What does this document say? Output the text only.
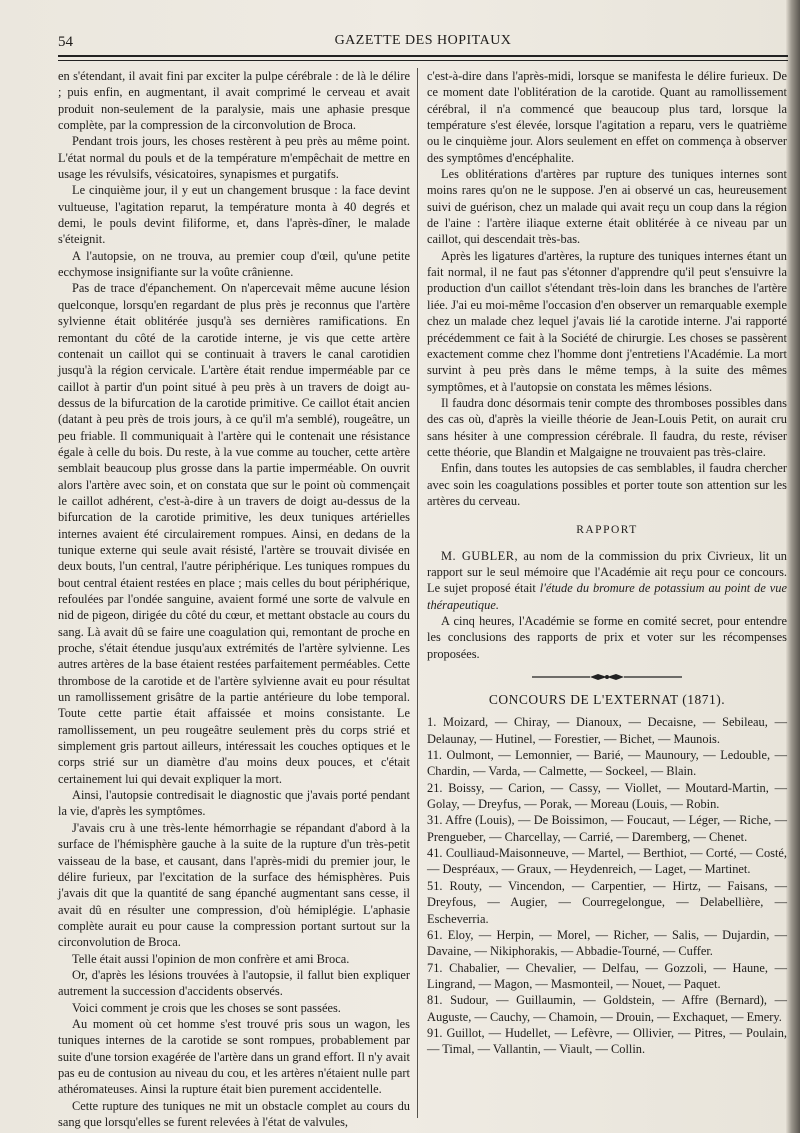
54	GAZETTE DES HOPITAUX

en s'étendant, il avait fini par exciter la pulpe cérébrale : de là le délire ; puis enfin, en augmentant, il avait comprimé le cerveau et avait produit non-seulement de la paralysie, mais une aphasie presque complète, par la compression de la circonvolution de Broca.

Pendant trois jours, les choses restèrent à peu près au même point. L'état normal du pouls et de la température m'empêchait de mettre en usage les révulsifs, vésicatoires, synapismes et purgatifs.

Le cinquième jour, il y eut un changement brusque : la face devint vultueuse, l'agitation reparut, la température monta à 40 degrés et demi, le pouls devint filiforme, et, dans l'après-dîner, le malade s'éteignit.

A l'autopsie, on ne trouva, au premier coup d'œil, qu'une petite ecchymose insignifiante sur la voûte crânienne.

Pas de trace d'épanchement. On n'apercevait même aucune lésion quelconque, lorsqu'en regardant de plus près je reconnus que l'artère sylvienne était oblitérée jusqu'à ses dernières ramifications. En remontant du côté de la carotide interne, je vis que cette artère contenait un caillot qui se continuait à travers le canal carotidien jusqu'à la région cervicale. L'artère était rendue imperméable par ce caillot à partir d'un point situé à peu près à un travers de doigt au-dessus de la bifurcation de la carotide primitive. Ce caillot était ancien (datant à peu près de trois jours, à ce qu'il m'a semblé), rougeâtre, un peu friable. Il communiquait à l'artère qui le contenait une résistance égale à celle du bois. Du reste, à la vue comme au toucher, cette artère semblait beaucoup plus grosse dans la partie imperméable. On ouvrit alors l'artère avec soin, et on constata que sur le point où commençait le caillot adhérent, c'est-à-dire à un travers de doigt au-dessus de la bifurcation de la carotide primitive, les deux tuniques artérielles internes avaient été circulairement rompues. Ainsi, en dedans de la tunique externe qui seule avait résisté, l'artère se trouvait divisée en deux bouts, l'un central, l'autre périphérique. Les tuniques rompues du bout central étaient restées en place ; mais celles du bout périphérique, refoulées par l'ondée sanguine, avaient formé une sorte de valvule en nid de pigeon, dirigée du côté du cœur, et mettant obstacle au cours du sang. Là avait dû se faire une coagulation qui, remontant de proche en proche, s'était étendue jusqu'aux extrémités de l'artère sylvienne. Les autres artères de la base étaient restées parfaitement perméables. Cette thrombose de la carotide et de l'artère sylvienne avait eu pour résultat un ramollissement grisâtre de la partie antérieure du lobe temporal. Toute cette partie était affaissée et moins consistante. Le ramollissement, un peu rougeâtre seulement près du corps strié et simplement gris partout ailleurs, intéressait les couches optiques et le corps strié sur un diamètre d'au moins deux pouces, et c'était certainement lui qui devait expliquer la mort.

Ainsi, l'autopsie contredisait le diagnostic que j'avais porté pendant la vie, d'après les symptômes.

J'avais cru à une très-lente hémorrhagie se répandant d'abord à la surface de l'hémisphère gauche à la suite de la rupture d'un très-petit vaisseau de la base, et causant, dans l'après-midi du premier jour, le délire furieux, par l'excitation de la surface des hémisphères. Puis j'avais dit que la quantité de sang épanché augmentant sans cesse, il avait dû en résulter une compression, d'où hémiplégie. L'aphasie complète aurait eu pour cause la compression portant surtout sur la circonvolution de Broca.

Telle était aussi l'opinion de mon confrère et ami Broca.

Or, d'après les lésions trouvées à l'autopsie, il fallut bien expliquer autrement la succession d'accidents observés.

Voici comment je crois que les choses se sont passées.

Au moment où cet homme s'est trouvé pris sous un wagon, les tuniques internes de la carotide se sont rompues, probablement par suite d'une torsion exagérée de l'artère dans un grand effort. Il n'y avait pas eu de contusion au niveau du cou, et les artères n'étaient nulle part athéromateuses. Ainsi la rupture était bien purement accidentelle.

Cette rupture des tuniques ne mit un obstacle complet au cours du sang que lorsqu'elles se furent relevées à l'état de valvules,

c'est-à-dire dans l'après-midi, lorsque se manifesta le délire furieux. De ce moment date l'oblitération de la carotide. Quant au ramollissement cérébral, il n'a commencé que beaucoup plus tard, lorsque la température s'est élevée, lorsque l'agitation a reparu, vers le quatrième ou le cinquième jour. Alors seulement en effet on commença à observer des symptômes d'encéphalite.

Les oblitérations d'artères par rupture des tuniques internes sont moins rares qu'on ne le suppose. J'en ai observé un cas, heureusement suivi de guérison, chez un malade qui avait reçu un coup dans la région de l'aine : l'artère iliaque externe était oblitérée à ce niveau par un caillot, qui descendait très-bas.

Après les ligatures d'artères, la rupture des tuniques internes étant un fait normal, il ne faut pas s'étonner d'apprendre qu'il peut s'ensuivre la production d'un caillot s'étendant très-loin dans les branches de l'artère liée. J'ai eu moi-même l'occasion d'en observer un remarquable exemple chez un malade chez lequel j'avais lié la carotide interne. J'ai rapporté précédemment ce fait à la Société de chirurgie. Les choses se passèrent exactement comme chez l'homme dont j'entretiens l'Académie. La mort survint à peu près dans le même temps, à la suite des mêmes symptômes, et à l'autopsie on constata les mêmes lésions.

Il faudra donc désormais tenir compte des thromboses possibles dans des cas où, d'après la vieille théorie de Jean-Louis Petit, on aurait cru sans hésiter à une compression cérébrale. Il faudra, du reste, réviser cette théorie, que Blandin et Malgaigne ne trouvaient pas très-claire.

Enfin, dans toutes les autopsies de cas semblables, il faudra chercher avec soin les coagulations possibles et porter toute son attention sur les artères du cerveau.

RAPPORT

M. GUBLER, au nom de la commission du prix Civrieux, lit un rapport sur le seul mémoire que l'Académie ait reçu pour ce concours. Le sujet proposé était l'étude du bromure de potassium au point de vue thérapeutique.

A cinq heures, l'Académie se forme en comité secret, pour entendre les conclusions des rapports de prix et voter sur les récompenses proposées.

CONCOURS DE L'EXTERNAT (1871).

1. Moizard, — Chiray, — Dianoux, — Decaisne, — Sebileau, — Delaunay, — Hutinel, — Forestier, — Bichet, — Maunois.

11. Oulmont, — Lemonnier, — Barié, — Maunoury, — Ledouble, — Chardin, — Varda, — Calmette, — Sockeel, — Blain.

21. Boissy, — Carion, — Cassy, — Viollet, — Moutard-Martin, — Golay, — Dreyfus, — Porak, — Moreau (Louis, — Robin.

31. Affre (Louis), — De Boissimon, — Foucaut, — Léger, — Riche, — Prengueber, — Charcellay, — Carrié, — Daremberg, — Chenet.

41. Coulliaud-Maisonneuve, — Martel, — Berthiot, — Corté, — Costé, — Despréaux, — Graux, — Heydenreich, — Laget, — Martinet.

51. Routy, — Vincendon, — Carpentier, — Hirtz, — Faisans, — Dreyfous, — Augier, — Courregelongue, — Delabellière, — Escheverria.

61. Eloy, — Herpin, — Morel, — Richer, — Salis, — Dujardin, — Davaine, — Nikiphorakis, — Abbadie-Tourné, — Cuffer.

71. Chabalier, — Chevalier, — Delfau, — Gozzoli, — Haune, — Lingrand, — Magon, — Masmonteil, — Nouet, — Paquet.

81. Sudour, — Guillaumin, — Goldstein, — Affre (Bernard), — Auguste, — Cauchy, — Chamoin, — Drouin, — Exchaquet, — Emery.

91. Guillot, — Hudellet, — Lefèvre, — Ollivier, — Pitres, — Poulain, — Timal, — Vallantin, — Viault, — Collin.
